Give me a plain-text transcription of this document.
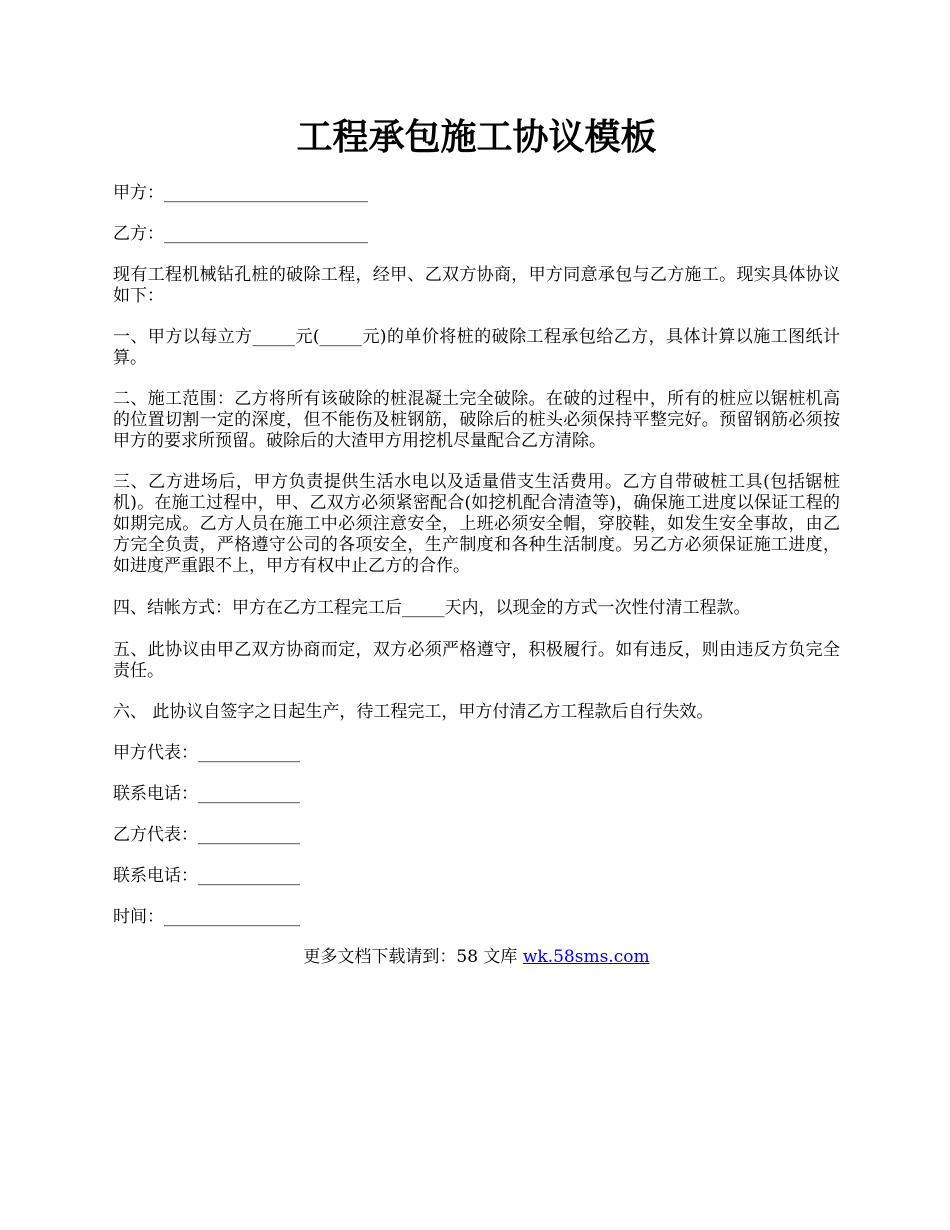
工程承包施工协议模板

甲方：________________________

乙方：________________________

现有工程机械钻孔桩的破除工程，经甲、乙双方协商，甲方同意承包与乙方施工。现实具体协议如下：

一、甲方以每立方_____元(_____元)的单价将桩的破除工程承包给乙方，具体计算以施工图纸计算。

二、施工范围：乙方将所有该破除的桩混凝土完全破除。在破的过程中，所有的桩应以锯桩机高的位置切割一定的深度，但不能伤及桩钢筋，破除后的桩头必须保持平整完好。预留钢筋必须按甲方的要求所预留。破除后的大渣甲方用挖机尽量配合乙方清除。

三、乙方进场后，甲方负责提供生活水电以及适量借支生活费用。乙方自带破桩工具(包括锯桩机)。在施工过程中，甲、乙双方必须紧密配合(如挖机配合清渣等)，确保施工进度以保证工程的如期完成。乙方人员在施工中必须注意安全，上班必须安全帽，穿胶鞋，如发生安全事故，由乙方完全负责，严格遵守公司的各项安全，生产制度和各种生活制度。另乙方必须保证施工进度，如进度严重跟不上，甲方有权中止乙方的合作。

四、结帐方式：甲方在乙方工程完工后_____天内，以现金的方式一次性付清工程款。

五、此协议由甲乙双方协商而定，双方必须严格遵守，积极履行。如有违反，则由违反方负完全责任。

六、 此协议自签字之日起生产，待工程完工，甲方付清乙方工程款后自行失效。

甲方代表：____________

联系电话：____________

乙方代表：____________

联系电话：____________

时间：________________

更多文档下载请到：58 文库 wk.58sms.com
